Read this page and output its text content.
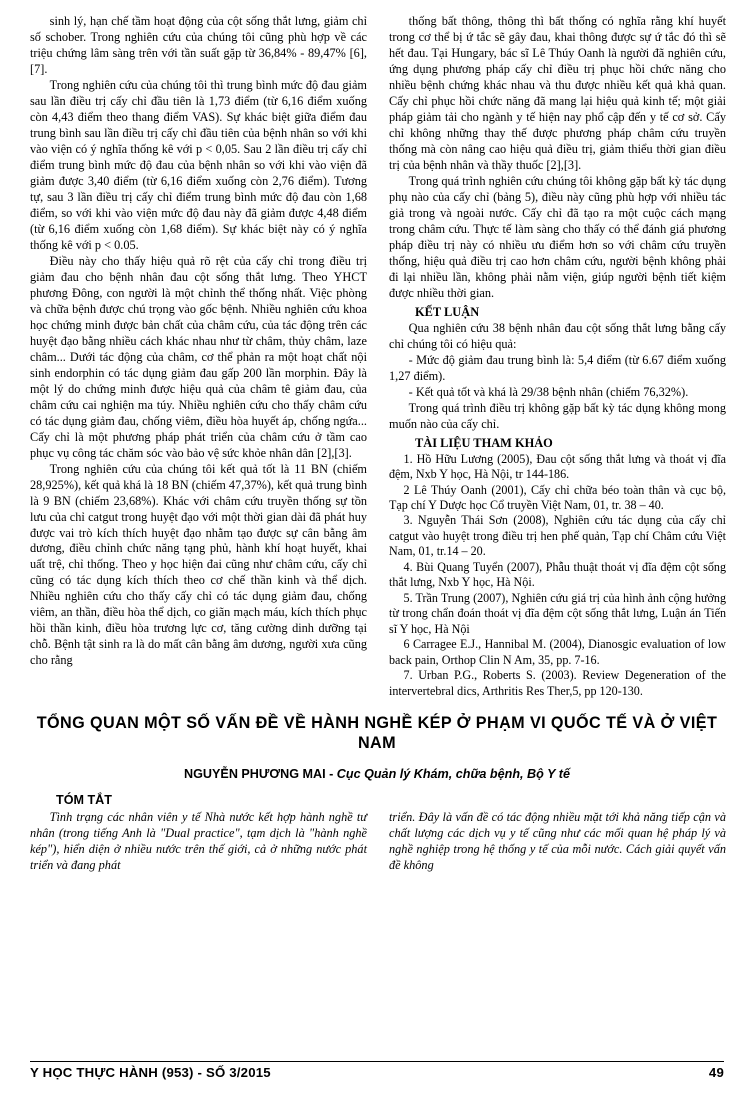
sinh lý, hạn chế tầm hoạt động của cột sống thắt lưng, giảm chỉ số schober. Trong nghiên cứu của chúng tôi cũng phù hợp về các triệu chứng lâm sàng trên với tần suất gặp từ 36,84% - 89,47% [6],[7].

Trong nghiên cứu của chúng tôi thì trung bình mức độ đau giảm sau lần điều trị cấy chỉ đầu tiên là 1,73 điểm (từ 6,16 điểm xuống còn 4,43 điểm theo thang điểm VAS). Sự khác biệt giữa điểm đau trung bình sau lần điều trị cấy chỉ đầu tiên của bệnh nhân so với khi vào viện có ý nghĩa thống kê với p < 0,05. Sau 2 lần điều trị cấy chỉ điểm trung bình mức độ đau của bệnh nhân so với khi vào viện đã giảm được 3,40 điểm (từ 6,16 điểm xuống còn 2,76 điểm). Tương tự, sau 3 lần điều trị cấy chỉ điểm trung bình mức độ đau còn 1,68 điểm, so với khi vào viện mức độ đau này đã giảm được 4,48 điểm (từ 6,16 điểm xuống còn 1,68 điểm). Sự khác biệt này có ý nghĩa thống kê với p < 0.05.

Điều này cho thấy hiệu quả rõ rệt của cấy chỉ trong điều trị giảm đau cho bệnh nhân đau cột sống thắt lưng. Theo YHCT phương Đông, con người là một chỉnh thể thống nhất. Việc phòng và chữa bệnh được chú trọng vào gốc bệnh. Nhiều nghiên cứu khoa học chứng minh được bản chất của châm cứu, của tác động trên các huyệt đạo bằng nhiều cách khác nhau như từ châm, thủy châm, laze châm... Dưới tác động của châm, cơ thể phản ra một hoạt chất nội sinh endorphin có tác dụng giảm đau gấp 200 lần morphin. Đây là một lý do chứng minh được hiệu quả của châm tê giảm đau, của châm cứu cai nghiện ma túy. Nhiều nghiên cứu cho thấy châm cứu có tác dụng giảm đau, chống viêm, điều hòa huyết áp, chống ngứa... Cấy chỉ là một phương pháp phát triển của châm cứu ở tầm cao phục vụ công tác chăm sóc vào bảo vệ sức khỏe nhân dân [2],[3].

Trong nghiên cứu của chúng tôi kết quả tốt là 11 BN (chiếm 28,925%), kết quả khá là 18 BN (chiếm 47,37%), kết quả trung bình là 9 BN (chiếm 23,68%). Khác với châm cứu truyền thống sự tồn lưu của chỉ catgut trong huyệt đạo với một thời gian dài đã phát huy được vai trò kích thích huyệt đạo nhằm tạo được sự cân bằng âm dương, điều chỉnh chức năng tạng phủ, hành khí hoạt huyết, khai uất trệ, chỉ thống. Theo y học hiện đai cũng như châm cứu, cấy chỉ cũng có tác dụng kích thích theo cơ chế thần kinh và thể dịch. Nhiều nghiên cứu cho thấy cấy chỉ có tác dụng giảm đau, chống viêm, an thần, điều hòa thể dịch, co giãn mạch máu, kích thích phục hồi thần kinh, điều hòa trương lực cơ, tăng cường dinh dưỡng tại chỗ. Bệnh tật sinh ra là do mất cân bằng âm dương, người xưa cũng cho rằng

thống bất thông, thông thì bất thống có nghĩa rằng khí huyết trong cơ thể bị ứ tắc sẽ gây đau, khai thông được sự ứ tắc đó thì sẽ hết đau. Tại Hungary, bác sĩ Lê Thúy Oanh là người đã nghiên cứu, ứng dụng phương pháp cấy chỉ điều trị phục hồi chức năng cho nhiều bệnh chứng khác nhau và thu được nhiều kết quả khả quan. Cấy chỉ phục hồi chức năng đã mang lại hiệu quả kinh tế; một giải pháp giảm tải cho ngành y tế hiện nay phổ cập đến y tế cơ sở. Cấy chỉ không những thay thế được phương pháp châm cứu truyền thống mà còn nâng cao hiệu quả điều trị, giảm thiểu thời gian điều trị của bệnh nhân và thầy thuốc [2],[3].

Trong quá trình nghiên cứu chúng tôi không gặp bất kỳ tác dụng phụ nào của cấy chỉ (bảng 5), điều này cũng phù hợp với nhiều tác giả trong và ngoài nước. Cấy chỉ đã tạo ra một cuộc cách mạng trong châm cứu. Thực tế làm sàng cho thấy có thể đánh giá phương pháp điều trị này có nhiều ưu điểm hơn so với châm cứu truyền thống, hiệu quả điều trị cao hơn châm cứu, người bệnh không phải đi lại nhiều lần, không phải nằm viện, giúp người bệnh tiết kiệm được nhiều thời gian.

KẾT LUẬN

Qua nghiên cứu 38 bệnh nhân đau cột sống thắt lưng bằng cấy chỉ chúng tôi có hiệu quả:

- Mức độ giảm đau trung bình là: 5,4 điểm (từ 6.67 điểm xuống 1,27 điểm).

- Kết quả tốt và khá là 29/38 bệnh nhân (chiếm 76,32%).

Trong quá trình điều trị không gặp bất kỳ tác dụng không mong muốn nào của cấy chỉ.

TÀI LIỆU THAM KHẢO

1. Hồ Hữu Lương (2005), Đau cột sống thắt lưng và thoát vị đĩa đệm, Nxb Y học, Hà Nội, tr 144-186.

2 Lê Thúy Oanh (2001), Cấy chỉ chữa béo toàn thân và cục bộ, Tạp chí Y Dược học Cổ truyền Việt Nam, 01, tr. 38 – 40.

3. Nguyễn Thái Sơn (2008), Nghiên cứu tác dụng của cấy chỉ catgut vào huyệt trong điều trị hen phế quản, Tạp chí Châm cứu Việt Nam, 01, tr.14 – 20.

4. Bùi Quang Tuyển (2007), Phẫu thuật thoát vị đĩa đệm cột sống thắt lưng, Nxb Y học, Hà Nội.

5. Trần Trung (2007), Nghiên cứu giá trị của hình ảnh cộng hưởng từ trong chẩn đoán thoát vị đĩa đệm cột sống thắt lưng, Luận án Tiến sĩ Y học, Hà Nội

6 Carragee E.J., Hannibal M. (2004), Dianosgic evaluation of low back pain, Orthop Clin N Am, 35, pp. 7-16.

7. Urban P.G., Roberts S. (2003). Review Degeneration of the intervertebral dics, Arthritis Res Ther,5, pp 120-130.

TỔNG QUAN MỘT SỐ VẤN ĐỀ VỀ HÀNH NGHỀ KÉP Ở PHẠM VI QUỐC TẾ VÀ Ở VIỆT NAM
NGUYỄN PHƯƠNG MAI - Cục Quản lý Khám, chữa bệnh, Bộ Y tế
TÓM TẮT

Tình trạng các nhân viên y tế Nhà nước kết hợp hành nghề tư nhân (trong tiếng Anh là "Dual practice", tạm dịch là "hành nghề kép"), hiển diện ở nhiều nước trên thế giới, cả ở những nước phát triển và đang phát

triển. Đây là vấn đề có tác động nhiều mặt tới khả năng tiếp cận và chất lượng các dịch vụ y tế cũng như các mối quan hệ pháp lý và nghề nghiệp trong hệ thống y tế của mỗi nước. Cách giải quyết vấn đề không

Y HỌC THỰC HÀNH (953) - SỐ 3/2015	49
